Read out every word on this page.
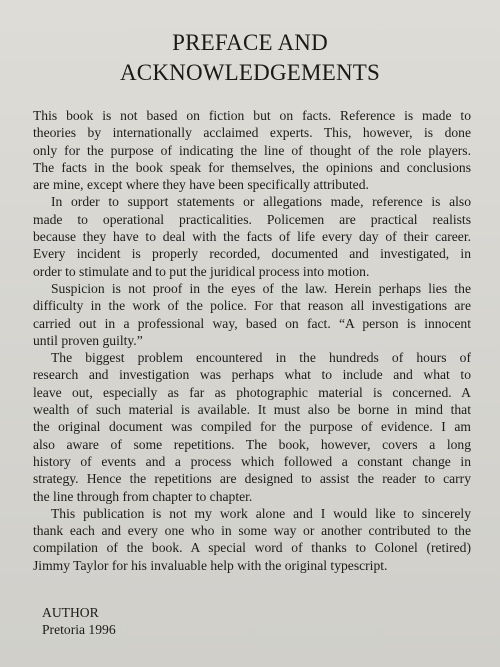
PREFACE AND
ACKNOWLEDGEMENTS
This book is not based on fiction but on facts. Reference is made to
theories by internationally acclaimed experts. This, however, is done
only for the purpose of indicating the line of thought of the role players.
The facts in the book speak for themselves, the opinions and conclusions
are mine, except where they have been specifically attributed.
In order to support statements or allegations made, reference is also
made to operational practicalities. Policemen are practical realists
because they have to deal with the facts of life every day of their career.
Every incident is properly recorded, documented and investigated, in
order to stimulate and to put the juridical process into motion.
Suspicion is not proof in the eyes of the law. Herein perhaps lies the
difficulty in the work of the police. For that reason all investigations are
carried out in a professional way, based on fact. “A person is innocent
until proven guilty.”
The biggest problem encountered in the hundreds of hours of
research and investigation was perhaps what to include and what to
leave out, especially as far as photographic material is concerned. A
wealth of such material is available. It must also be borne in mind that
the original document was compiled for the purpose of evidence. I am
also aware of some repetitions. The book, however, covers a long
history of events and a process which followed a constant change in
strategy. Hence the repetitions are designed to assist the reader to carry
the line through from chapter to chapter.
This publication is not my work alone and I would like to sincerely
thank each and every one who in some way or another contributed to the
compilation of the book. A special word of thanks to Colonel (retired)
Jimmy Taylor for his invaluable help with the original typescript.
AUTHOR
Pretoria 1996
